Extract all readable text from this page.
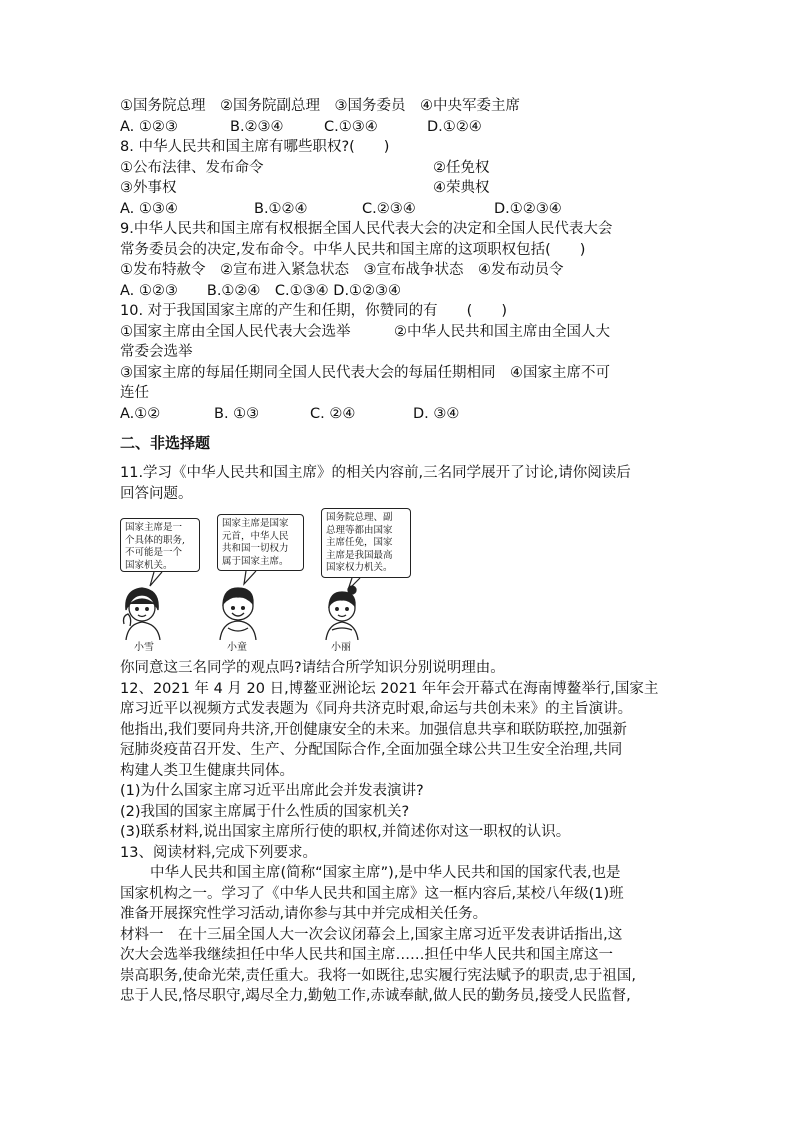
①国务院总理　②国务院副总理　③国务委员　④中央军委主席
A. ①②③	B.②③④	C.①③④	D.①②④
8. 中华人民共和国主席有哪些职权?(　　)
①公布法律、发布命令	②任免权
③外事权	④荣典权
A. ①③④	B.①②④	C.②③④	D.①②③④
9.中华人民共和国主席有权根据全国人民代表大会的决定和全国人民代表大会
常务委员会的决定,发布命令。中华人民共和国主席的这项职权包括(　　)
①发布特赦令　②宣布进入紧急状态　③宣布战争状态　④发布动员令
A. ①②③　　B.①②④　C.①③④ D.①②③④
10. 对于我国国家主席的产生和任期，你赞同的有　　(　　)
①国家主席由全国人民代表大会选举　　　②中华人民共和国主席由全国人大
常委会选举
③国家主席的每届任期同全国人民代表大会的每届任期相同　④国家主席不可
连任
A.①②	B. ①③	C. ②④	D. ③④
二、非选择题
11.学习《中华人民共和国主席》的相关内容前,三名同学展开了讨论,请你阅读后
回答问题。
国家主席是一
个具体的职务,
不可能是一个
国家机关。
国家主席是国家
元首，中华人民
共和国一切权力
属于国家主席。
国务院总理、副
总理等都由国家
主席任免，国家
主席是我国最高
国家权力机关。
小雪	小童	小丽
你同意这三名同学的观点吗?请结合所学知识分别说明理由。
12、2021 年 4 月 20 日,博鳌亚洲论坛 2021 年年会开幕式在海南博鳌举行,国家主
席习近平以视频方式发表题为《同舟共济克时艰,命运与共创未来》的主旨演讲。
他指出,我们要同舟共济,开创健康安全的未来。加强信息共享和联防联控,加强新
冠肺炎疫苗召开发、生产、分配国际合作,全面加强全球公共卫生安全治理,共同
构建人类卫生健康共同体。
(1)为什么国家主席习近平出席此会并发表演讲?
(2)我国的国家主席属于什么性质的国家机关?
(3)联系材料,说出国家主席所行使的职权,并简述你对这一职权的认识。
13、阅读材料,完成下列要求。
中华人民共和国主席(简称“国家主席”),是中华人民共和国的国家代表,也是
国家机构之一。学习了《中华人民共和国主席》这一框内容后,某校八年级(1)班
准备开展探究性学习活动,请你参与其中并完成相关任务。
材料一　在十三届全国人大一次会议闭幕会上,国家主席习近平发表讲话指出,这
次大会选举我继续担任中华人民共和国主席……担任中华人民共和国主席这一
崇高职务,使命光荣,责任重大。我将一如既往,忠实履行宪法赋予的职责,忠于祖国,
忠于人民,恪尽职守,竭尽全力,勤勉工作,赤诚奉献,做人民的勤务员,接受人民监督,
